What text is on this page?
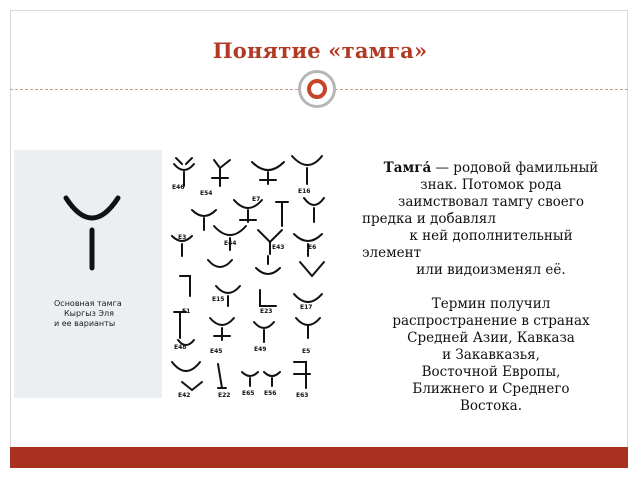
Понятие «тамга»
Основная тамга
Кыргыз Эля
и ее варианты
E46
E54	E16
E7
E3
E44
E43	E6
E15
E23
E17
E1
E48
E45	E49	E5
E42	E22 E65 E56	E63

Тамга́ — родовой фамильный

знак. Потомок рода

заимствовал тамгу своего

предка и добавлял

к ней дополнительный

элемент

или видоизменял её.

Термин получил

распространение в странах

Средней Азии, Кавказа

и Закавказья,

Восточной Европы,

Ближнего и Среднего

Востока.
